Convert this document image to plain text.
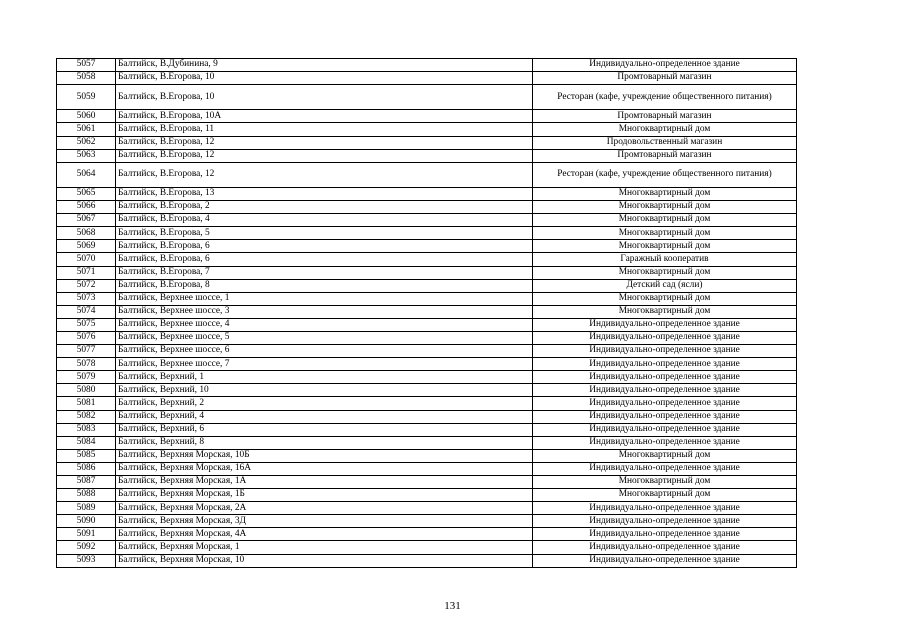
5057	Балтийск, В.Дубинина, 9	Индивидуально-определенное здание
5058	Балтийск, В.Егорова, 10	Промтоварный магазин
5059	Балтийск, В.Егорова, 10	Ресторан (кафе, учреждение общественного питания)
5060	Балтийск, В.Егорова, 10А	Промтоварный магазин
5061	Балтийск, В.Егорова, 11	Многоквартирный дом
5062	Балтийск, В.Егорова, 12	Продовольственный магазин
5063	Балтийск, В.Егорова, 12	Промтоварный магазин
5064	Балтийск, В.Егорова, 12	Ресторан (кафе, учреждение общественного питания)
5065	Балтийск, В.Егорова, 13	Многоквартирный дом
5066	Балтийск, В.Егорова, 2	Многоквартирный дом
5067	Балтийск, В.Егорова, 4	Многоквартирный дом
5068	Балтийск, В.Егорова, 5	Многоквартирный дом
5069	Балтийск, В.Егорова, 6	Многоквартирный дом
5070	Балтийск, В.Егорова, 6	Гаражный кооператив
5071	Балтийск, В.Егорова, 7	Многоквартирный дом
5072	Балтийск, В.Егорова, 8	Детский сад (ясли)
5073	Балтийск, Верхнее шоссе, 1	Многоквартирный дом
5074	Балтийск, Верхнее шоссе, 3	Многоквартирный дом
5075	Балтийск, Верхнее шоссе, 4	Индивидуально-определенное здание
5076	Балтийск, Верхнее шоссе, 5	Индивидуально-определенное здание
5077	Балтийск, Верхнее шоссе, 6	Индивидуально-определенное здание
5078	Балтийск, Верхнее шоссе, 7	Индивидуально-определенное здание
5079	Балтийск, Верхний, 1	Индивидуально-определенное здание
5080	Балтийск, Верхний, 10	Индивидуально-определенное здание
5081	Балтийск, Верхний, 2	Индивидуально-определенное здание
5082	Балтийск, Верхний, 4	Индивидуально-определенное здание
5083	Балтийск, Верхний, 6	Индивидуально-определенное здание
5084	Балтийск, Верхний, 8	Индивидуально-определенное здание
5085	Балтийск, Верхняя Морская, 10Б	Многоквартирный дом
5086	Балтийск, Верхняя Морская, 16А	Индивидуально-определенное здание
5087	Балтийск, Верхняя Морская, 1А	Многоквартирный дом
5088	Балтийск, Верхняя Морская, 1Б	Многоквартирный дом
5089	Балтийск, Верхняя Морская, 2А	Индивидуально-определенное здание
5090	Балтийск, Верхняя Морская, 3Д	Индивидуально-определенное здание
5091	Балтийск, Верхняя Морская, 4А	Индивидуально-определенное здание
5092	Балтийск, Верхняя Морская, 1	Индивидуально-определенное здание
5093	Балтийск, Верхняя Морская, 10	Индивидуально-определенное здание
131
